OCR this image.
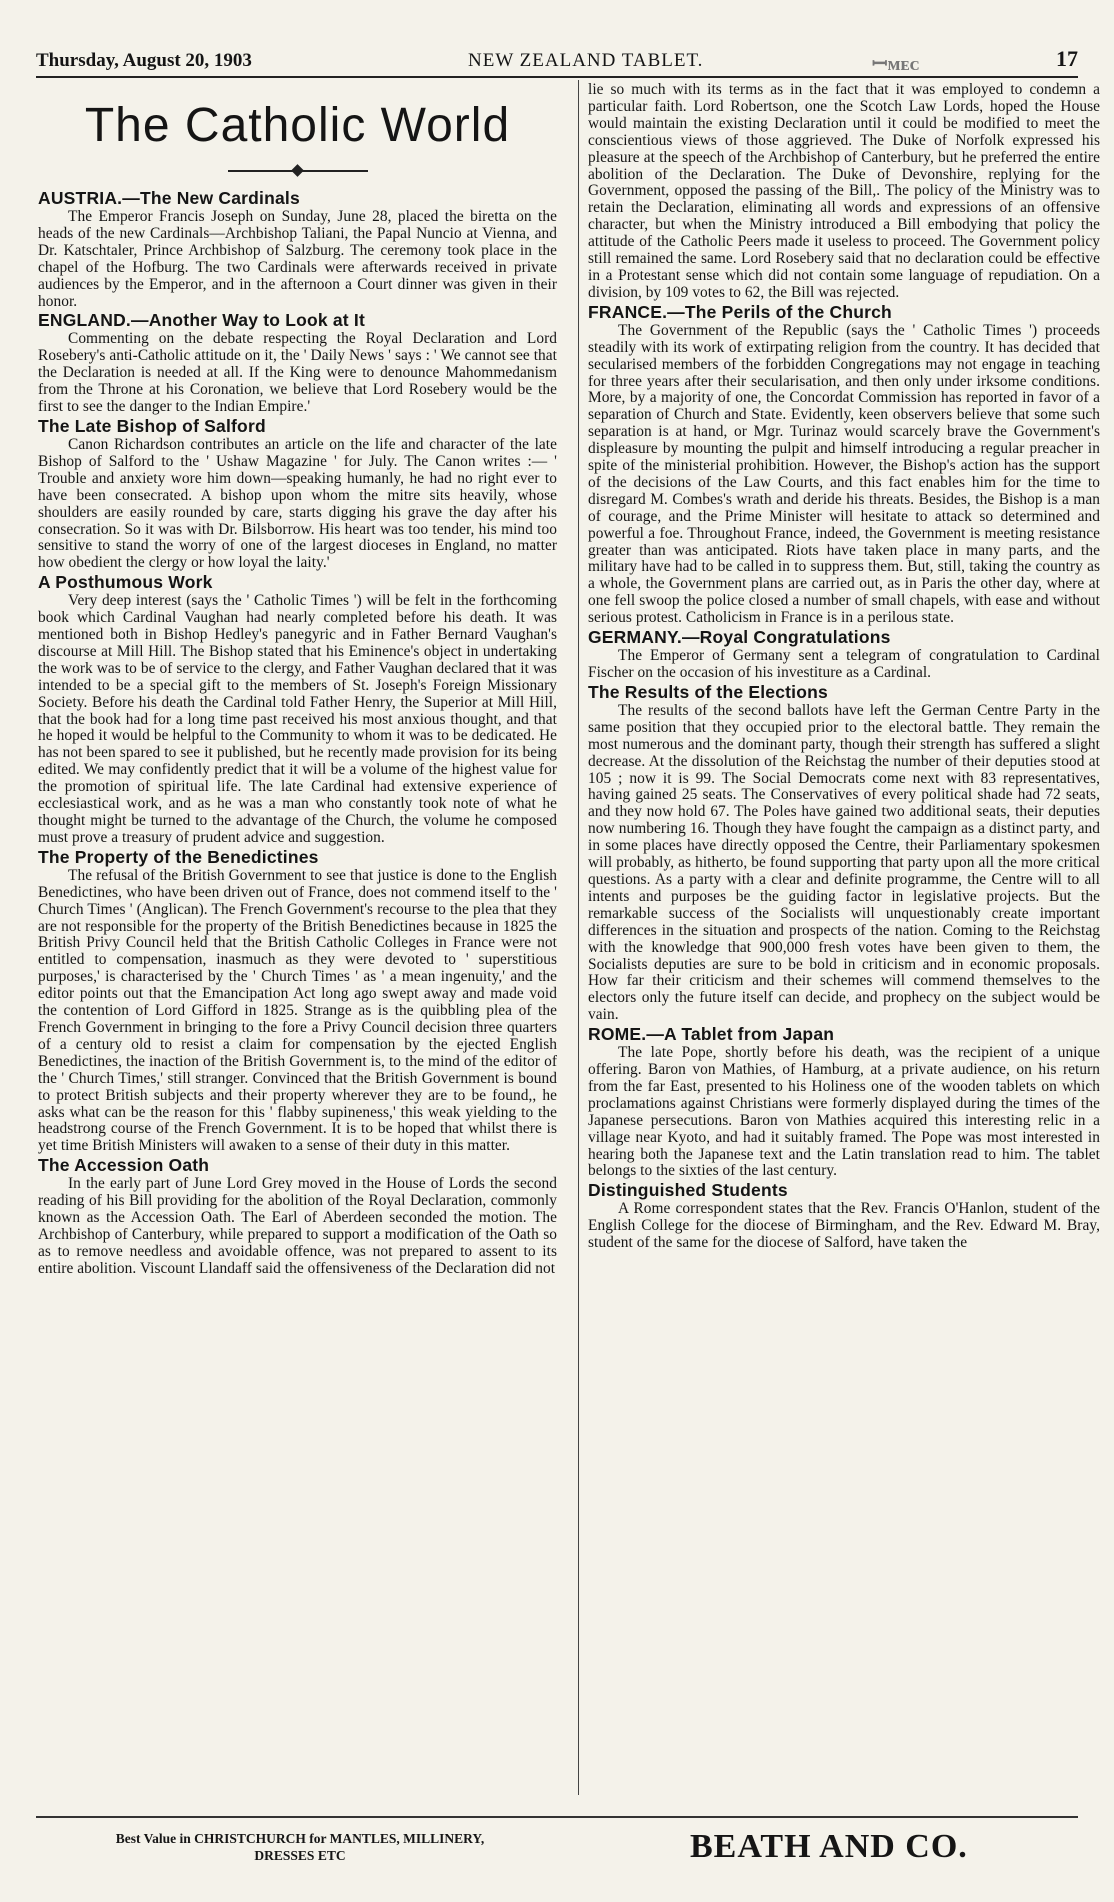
Thursday, August 20, 1903	NEW ZEALAND TABLET.	ꟷᴍᴇᴄ	17
The Catholic World
AUSTRIA.—The New Cardinals

The Emperor Francis Joseph on Sunday, June 28, placed the biretta on the heads of the new Cardinals—Archbishop Taliani, the Papal Nuncio at Vienna, and Dr. Katschtaler, Prince Archbishop of Salzburg. The ceremony took place in the chapel of the Hofburg. The two Cardinals were afterwards received in private audiences by the Emperor, and in the afternoon a Court dinner was given in their honor.

ENGLAND.—Another Way to Look at It

Commenting on the debate respecting the Royal Declaration and Lord Rosebery's anti-Catholic attitude on it, the ' Daily News ' says : ' We cannot see that the Declaration is needed at all. If the King were to denounce Mahommedanism from the Throne at his Coronation, we believe that Lord Rosebery would be the first to see the danger to the Indian Empire.'

The Late Bishop of Salford

Canon Richardson contributes an article on the life and character of the late Bishop of Salford to the ' Ushaw Magazine ' for July. The Canon writes :— ' Trouble and anxiety wore him down—speaking humanly, he had no right ever to have been consecrated. A bishop upon whom the mitre sits heavily, whose shoulders are easily rounded by care, starts digging his grave the day after his consecration. So it was with Dr. Bilsborrow. His heart was too tender, his mind too sensitive to stand the worry of one of the largest dioceses in England, no matter how obedient the clergy or how loyal the laity.'

A Posthumous Work

Very deep interest (says the ' Catholic Times ') will be felt in the forthcoming book which Cardinal Vaughan had nearly completed before his death. It was mentioned both in Bishop Hedley's panegyric and in Father Bernard Vaughan's discourse at Mill Hill. The Bishop stated that his Eminence's object in undertaking the work was to be of service to the clergy, and Father Vaughan declared that it was intended to be a special gift to the members of St. Joseph's Foreign Missionary Society. Before his death the Cardinal told Father Henry, the Superior at Mill Hill, that the book had for a long time past received his most anxious thought, and that he hoped it would be helpful to the Community to whom it was to be dedicated. He has not been spared to see it published, but he recently made provision for its being edited. We may confidently predict that it will be a volume of the highest value for the promotion of spiritual life. The late Cardinal had extensive experience of ecclesiastical work, and as he was a man who constantly took note of what he thought might be turned to the advantage of the Church, the volume he composed must prove a treasury of prudent advice and suggestion.

The Property of the Benedictines

The refusal of the British Government to see that justice is done to the English Benedictines, who have been driven out of France, does not commend itself to the ' Church Times ' (Anglican). The French Government's recourse to the plea that they are not responsible for the property of the British Benedictines because in 1825 the British Privy Council held that the British Catholic Colleges in France were not entitled to compensation, inasmuch as they were devoted to ' superstitious purposes,' is characterised by the ' Church Times ' as ' a mean ingenuity,' and the editor points out that the Emancipation Act long ago swept away and made void the contention of Lord Gifford in 1825. Strange as is the quibbling plea of the French Government in bringing to the fore a Privy Council decision three quarters of a century old to resist a claim for compensation by the ejected English Benedictines, the inaction of the British Government is, to the mind of the editor of the ' Church Times,' still stranger. Convinced that the British Government is bound to protect British subjects and their property wherever they are to be found,, he asks what can be the reason for this ' flabby supineness,' this weak yielding to the headstrong course of the French Government. It is to be hoped that whilst there is yet time British Ministers will awaken to a sense of their duty in this matter.

The Accession Oath

In the early part of June Lord Grey moved in the House of Lords the second reading of his Bill providing for the abolition of the Royal Declaration, commonly known as the Accession Oath. The Earl of Aberdeen seconded the motion. The Archbishop of Canterbury, while prepared to support a modification of the Oath so as to remove needless and avoidable offence, was not prepared to assent to its entire abolition. Viscount Llandaff said the offensiveness of the Declaration did not

lie so much with its terms as in the fact that it was employed to condemn a particular faith. Lord Robertson, one the Scotch Law Lords, hoped the House would maintain the existing Declaration until it could be modified to meet the conscientious views of those aggrieved. The Duke of Norfolk expressed his pleasure at the speech of the Archbishop of Canterbury, but he preferred the entire abolition of the Declaration. The Duke of Devonshire, replying for the Government, opposed the passing of the Bill,. The policy of the Ministry was to retain the Declaration, eliminating all words and expressions of an offensive character, but when the Ministry introduced a Bill embodying that policy the attitude of the Catholic Peers made it useless to proceed. The Government policy still remained the same. Lord Rosebery said that no declaration could be effective in a Protestant sense which did not contain some language of repudiation. On a division, by 109 votes to 62, the Bill was rejected.

FRANCE.—The Perils of the Church

The Government of the Republic (says the ' Catholic Times ') proceeds steadily with its work of extirpating religion from the country. It has decided that secularised members of the forbidden Congregations may not engage in teaching for three years after their secularisation, and then only under irksome conditions. More, by a majority of one, the Concordat Commission has reported in favor of a separation of Church and State. Evidently, keen observers believe that some such separation is at hand, or Mgr. Turinaz would scarcely brave the Government's displeasure by mounting the pulpit and himself introducing a regular preacher in spite of the ministerial prohibition. However, the Bishop's action has the support of the decisions of the Law Courts, and this fact enables him for the time to disregard M. Combes's wrath and deride his threats. Besides, the Bishop is a man of courage, and the Prime Minister will hesitate to attack so determined and powerful a foe. Throughout France, indeed, the Government is meeting resistance greater than was anticipated. Riots have taken place in many parts, and the military have had to be called in to suppress them. But, still, taking the country as a whole, the Government plans are carried out, as in Paris the other day, where at one fell swoop the police closed a number of small chapels, with ease and without serious protest. Catholicism in France is in a perilous state.

GERMANY.—Royal Congratulations

The Emperor of Germany sent a telegram of congratulation to Cardinal Fischer on the occasion of his investiture as a Cardinal.

The Results of the Elections

The results of the second ballots have left the German Centre Party in the same position that they occupied prior to the electoral battle. They remain the most numerous and the dominant party, though their strength has suffered a slight decrease. At the dissolution of the Reichstag the number of their deputies stood at 105 ; now it is 99. The Social Democrats come next with 83 representatives, having gained 25 seats. The Conservatives of every political shade had 72 seats, and they now hold 67. The Poles have gained two additional seats, their deputies now numbering 16. Though they have fought the campaign as a distinct party, and in some places have directly opposed the Centre, their Parliamentary spokesmen will probably, as hitherto, be found supporting that party upon all the more critical questions. As a party with a clear and definite programme, the Centre will to all intents and purposes be the guiding factor in legislative projects. But the remarkable success of the Socialists will unquestionably create important differences in the situation and prospects of the nation. Coming to the Reichstag with the knowledge that 900,000 fresh votes have been given to them, the Socialists deputies are sure to be bold in criticism and in economic proposals. How far their criticism and their schemes will commend themselves to the electors only the future itself can decide, and prophecy on the subject would be vain.

ROME.—A Tablet from Japan

The late Pope, shortly before his death, was the recipient of a unique offering. Baron von Mathies, of Hamburg, at a private audience, on his return from the far East, presented to his Holiness one of the wooden tablets on which proclamations against Christians were formerly displayed during the times of the Japanese persecutions. Baron von Mathies acquired this interesting relic in a village near Kyoto, and had it suitably framed. The Pope was most interested in hearing both the Japanese text and the Latin translation read to him. The tablet belongs to the sixties of the last century.

Distinguished Students

A Rome correspondent states that the Rev. Francis O'Hanlon, student of the English College for the diocese of Birmingham, and the Rev. Edward M. Bray, student of the same for the diocese of Salford, have taken the

Best Value in CHRISTCHURCH for MANTLES, MILLINERY,
DRESSES ETC	BEATH AND CO.
